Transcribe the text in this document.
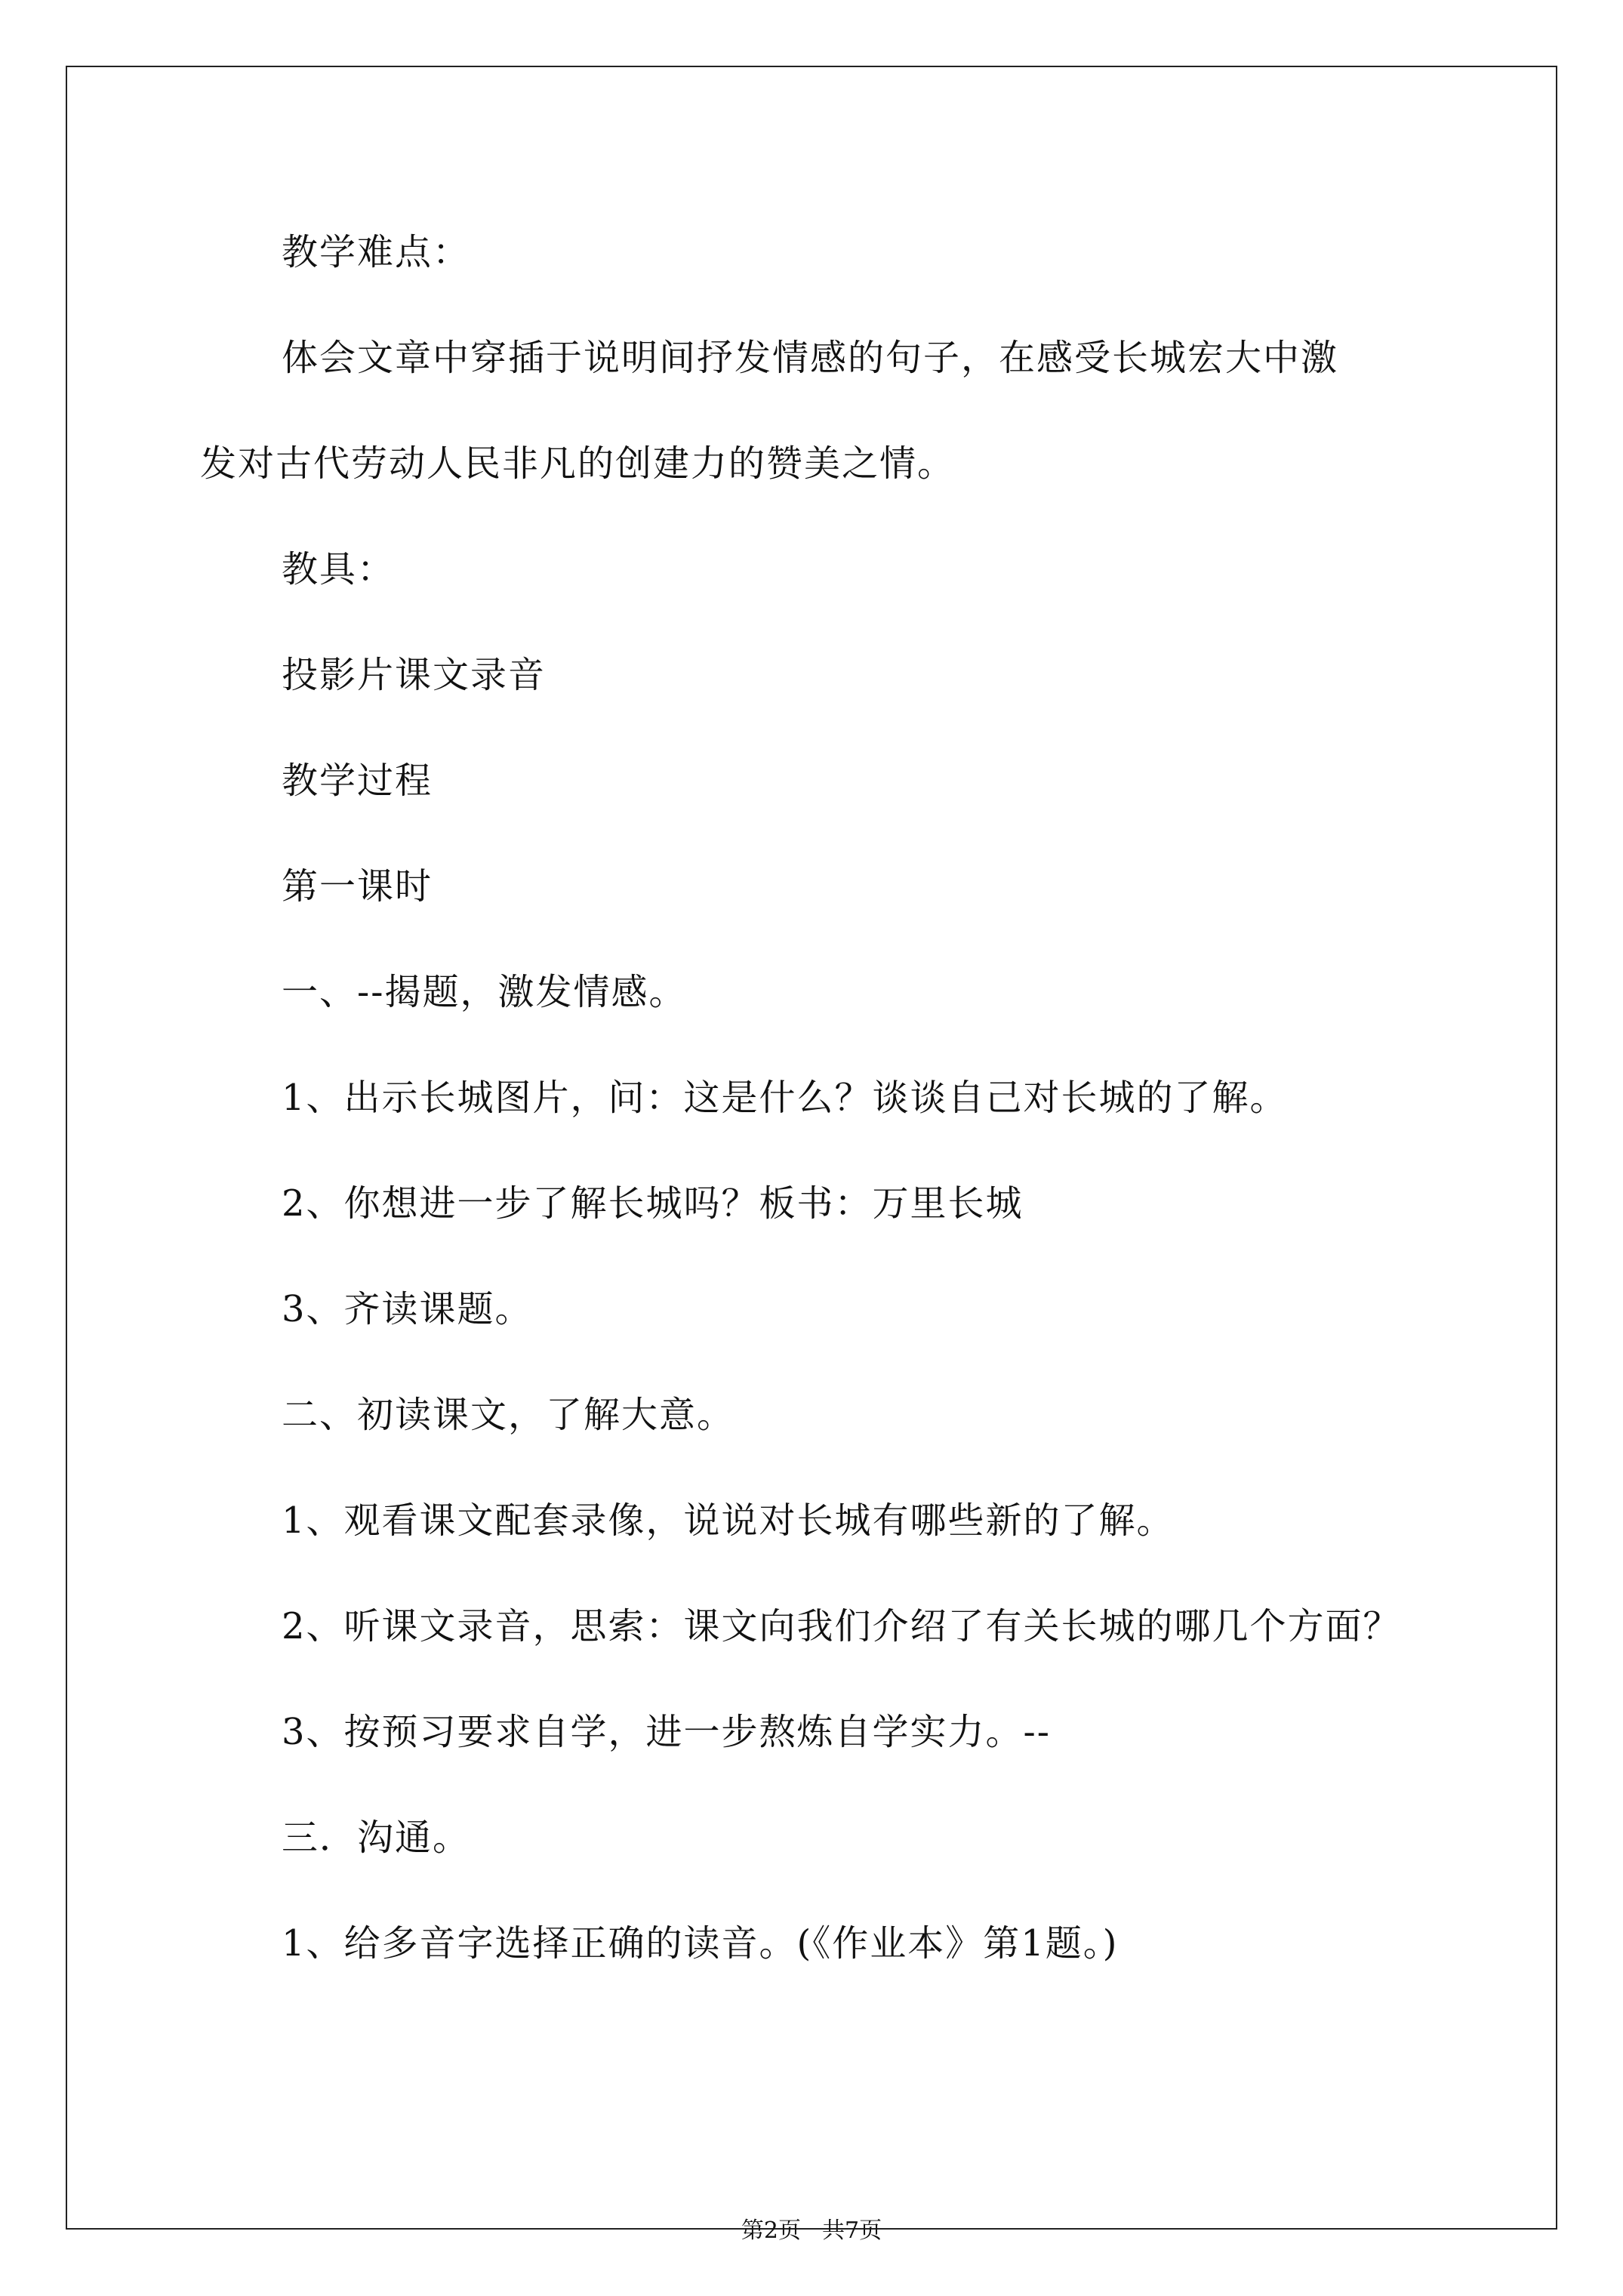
教学难点：
体会文章中穿插于说明间抒发情感的句子，在感受长城宏大中激
发对古代劳动人民非凡的创建力的赞美之情。
教具：
投影片课文录音
教学过程
第一课时
一、--揭题，激发情感。
1、出示长城图片，问：这是什么？谈谈自己对长城的了解。
2、你想进一步了解长城吗？板书：万里长城
3、齐读课题。
二、初读课文，了解大意。
1、观看课文配套录像，说说对长城有哪些新的了解。
2、听课文录音，思索：课文向我们介绍了有关长城的哪几个方面？
3、按预习要求自学，进一步熬炼自学实力。--
三．沟通。
1、给多音字选择正确的读音。(《作业本》第1题。)
第2页 共7页
